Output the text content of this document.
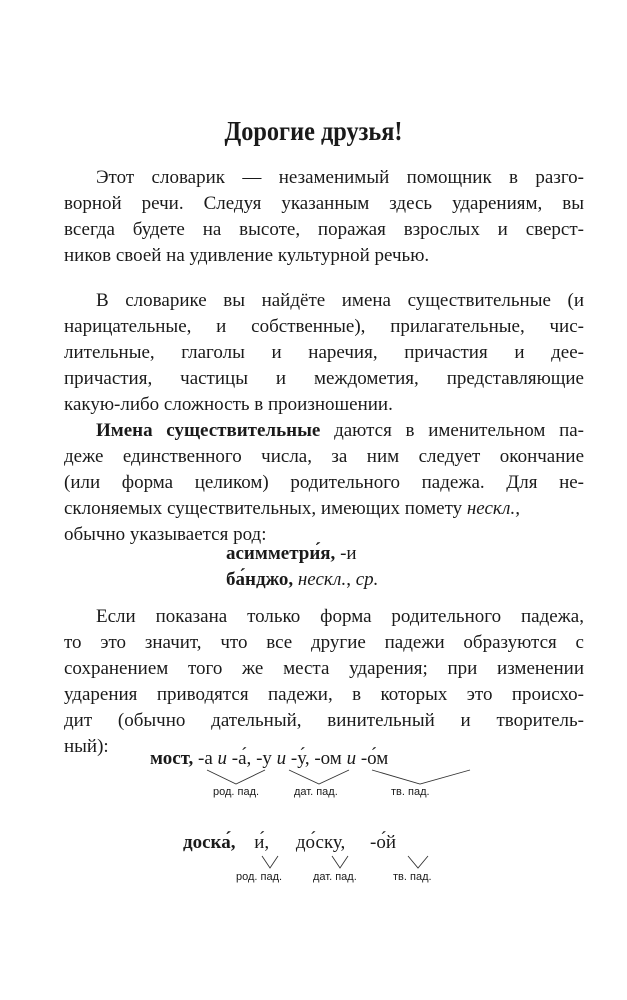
Дорогие друзья!
Этот словарик — незаменимый помощник в разго-
ворной речи. Следуя указанным здесь ударениям, вы
всегда будете на высоте, поражая взрослых и сверст-
ников своей на удивление культурной речью.
В словарике вы найдёте имена существительные (и
нарицательные, и собственные), прилагательные, чис-
лительные, глаголы и наречия, причастия и дее-
причастия, частицы и междометия, представляющие
какую-либо сложность в произношении.
Имена существительные даются в именительном па-
деже единственного числа, за ним следует окончание
(или форма целиком) родительного падежа. Для не-
склоняемых существительных, имеющих помету нескл.,
обычно указывается род:
асимметри́я, -и
ба́нджо, нескл., ср.
Если показана только форма родительного падежа,
то это значит, что все другие падежи образуются с
сохранением того же места ударения; при изменении
ударения приводятся падежи, в которых это происхо-
дит (обычно дательный, винительный и творитель-
ный):
мост, -а и -а́, -у и -у́, -ом и -о́м
род. пад.	дат. пад.	тв. пад.
доска́, и́, до́ску, -о́й
род. пад.	дат. пад.	тв. пад.
